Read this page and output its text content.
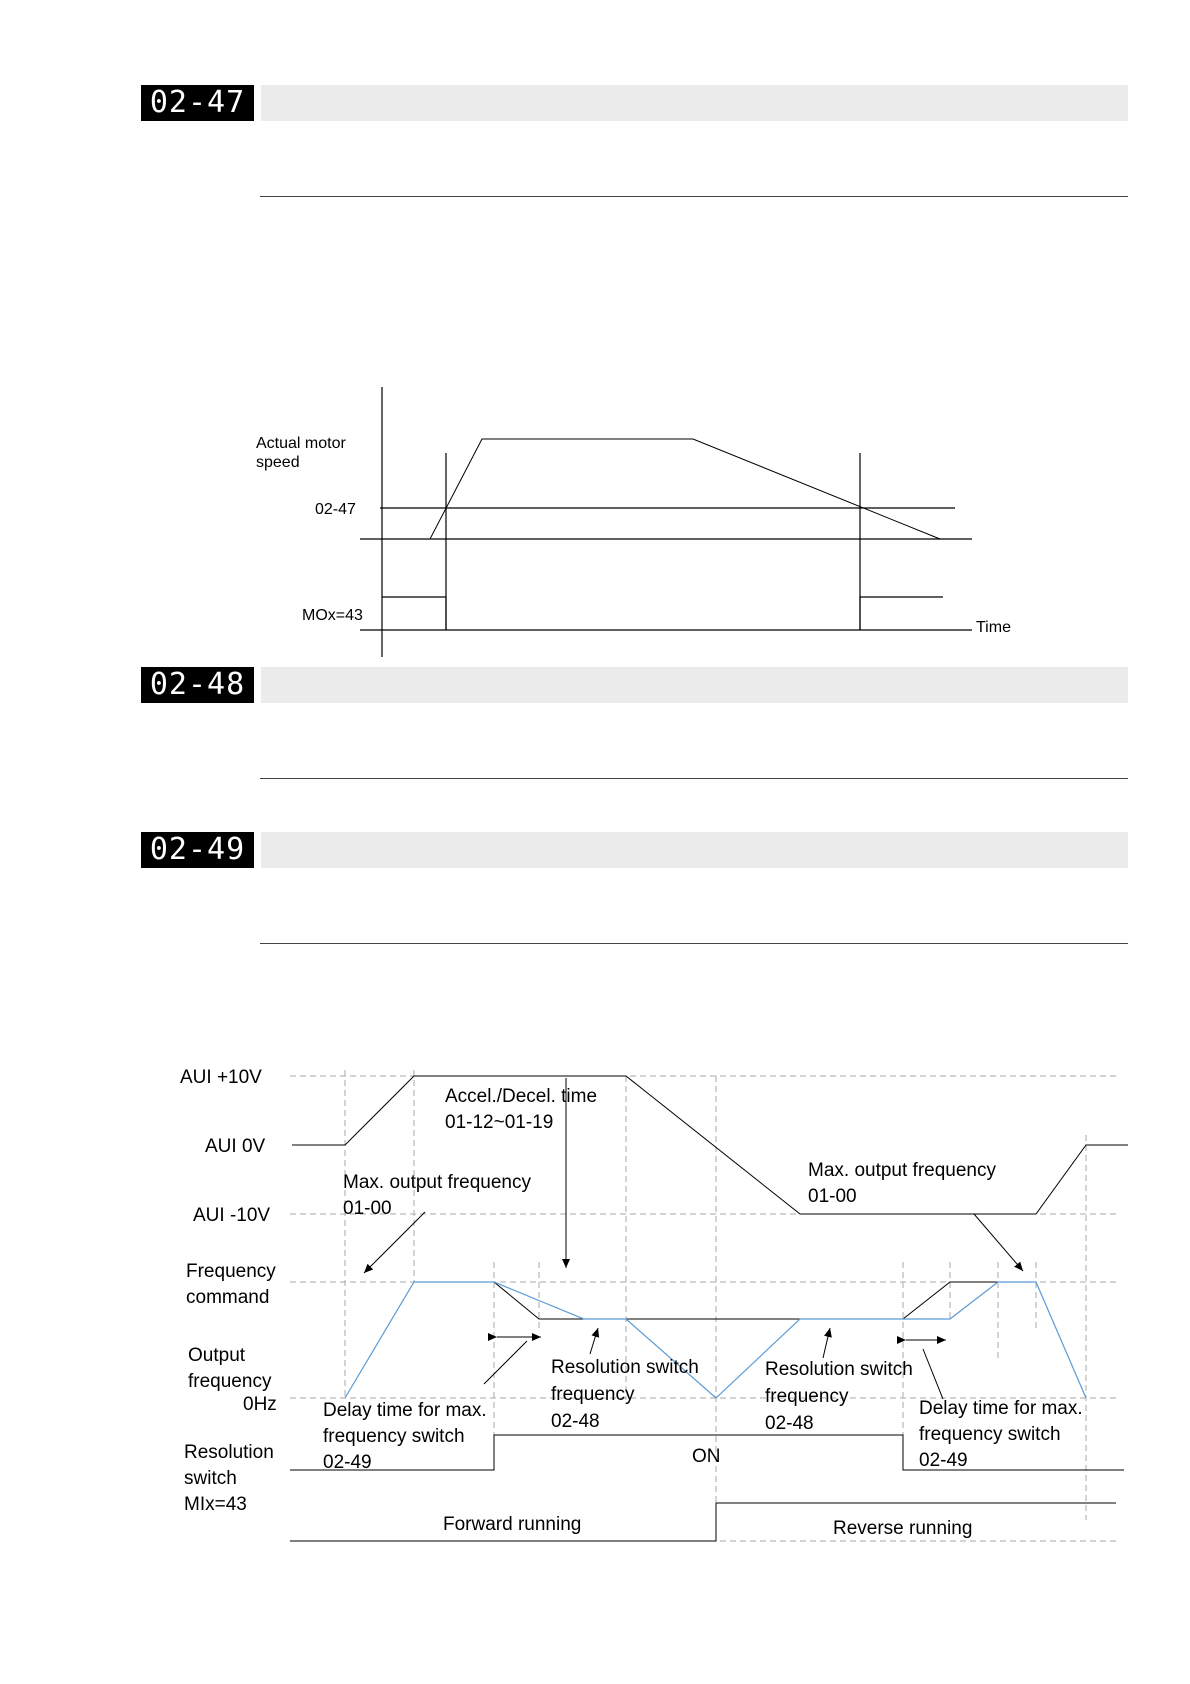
02-47
02-48
02-49
Actual motor
speed
02-47
MOx=43
Time
AUI +10V
AUI 0V
AUI -10V
Frequency
command
Output
frequency
0Hz
Resolution
switch
MIx=43
Accel./Decel. time
01-12~01-19
Max. output frequency
01-00
Max. output frequency
01-00
Resolution switch
frequency
02-48
Resolution switch
frequency
02-48
Delay time for max.
frequency switch
02-49
Delay time for max.
frequency switch
02-49
ON
Forward running	Reverse running
